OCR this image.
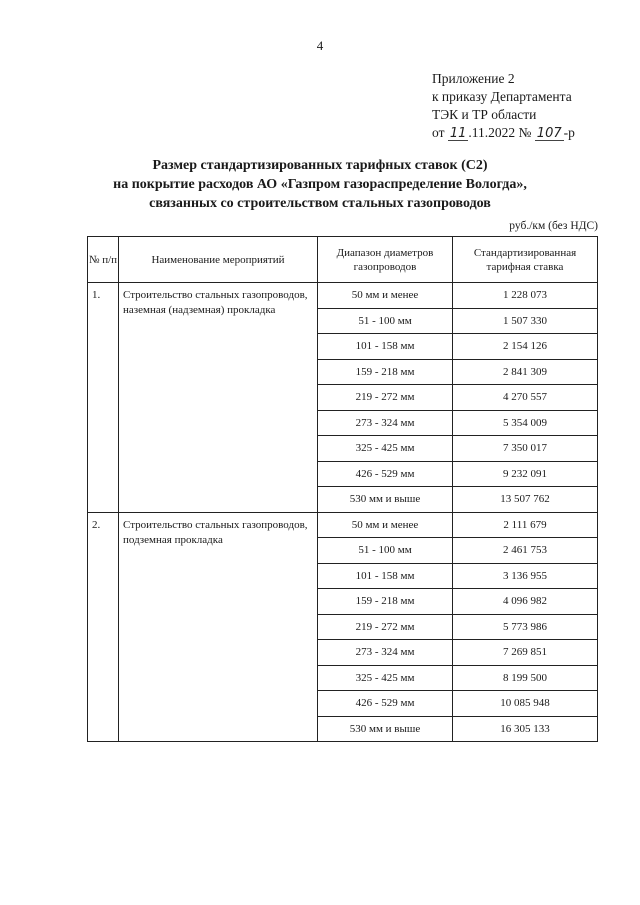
4
Приложение 2
к приказу Департамента
ТЭК и ТР области
от 11 .11.2022 № 107 -р
Размер стандартизированных тарифных ставок (С2)
на покрытие расходов АО «Газпром газораспределение Вологда»,
связанных со строительством стальных газопроводов
руб./км (без НДС)
№ п/п	Наименование мероприятий	Диапазон диаметров газопроводов	Стандартизированная тарифная ставка
1.	Строительство стальных газопроводов, наземная (надземная) прокладка	50 мм и менее	1 228 073
		51 - 100 мм	1 507 330
		101 - 158 мм	2 154 126
		159 - 218 мм	2 841 309
		219 - 272 мм	4 270 557
		273 - 324 мм	5 354 009
		325 - 425 мм	7 350 017
		426 - 529 мм	9 232 091
		530 мм и выше	13 507 762
2.	Строительство стальных газопроводов, подземная прокладка	50 мм и менее	2 111 679
		51 - 100 мм	2 461 753
		101 - 158 мм	3 136 955
		159 - 218 мм	4 096 982
		219 - 272 мм	5 773 986
		273 - 324 мм	7 269 851
		325 - 425 мм	8 199 500
		426 - 529 мм	10 085 948
		530 мм и выше	16 305 133
